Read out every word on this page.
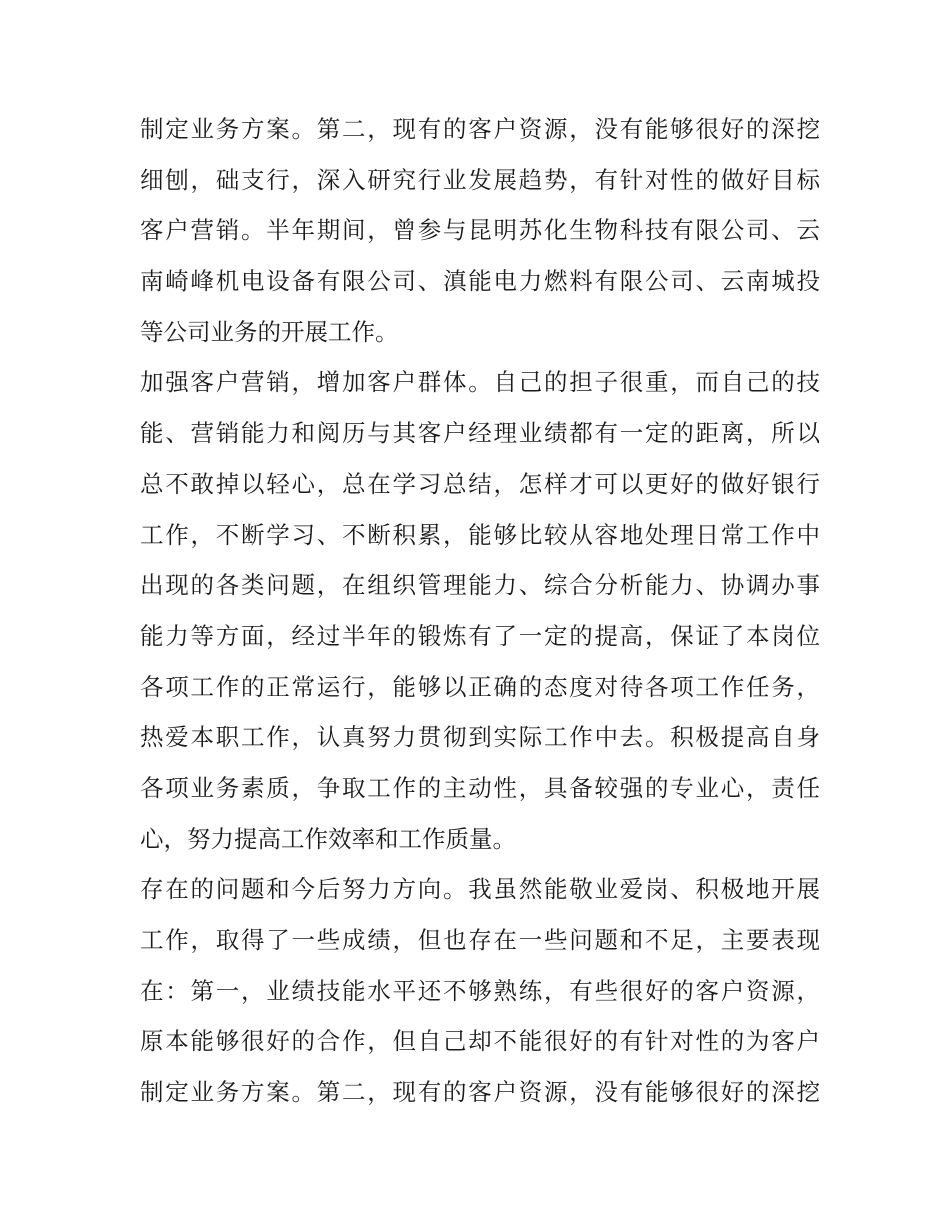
制定业务方案。第二，现有的客户资源，没有能够很好的深挖
细刨，础支行，深入研究行业发展趋势，有针对性的做好目标
客户营销。半年期间，曾参与昆明苏化生物科技有限公司、云
南崎峰机电设备有限公司、滇能电力燃料有限公司、云南城投
等公司业务的开展工作。
加强客户营销，增加客户群体。自己的担子很重，而自己的技
能、营销能力和阅历与其客户经理业绩都有一定的距离，所以
总不敢掉以轻心，总在学习总结，怎样才可以更好的做好银行
工作，不断学习、不断积累，能够比较从容地处理日常工作中
出现的各类问题，在组织管理能力、综合分析能力、协调办事
能力等方面，经过半年的锻炼有了一定的提高，保证了本岗位
各项工作的正常运行，能够以正确的态度对待各项工作任务，
热爱本职工作，认真努力贯彻到实际工作中去。积极提高自身
各项业务素质，争取工作的主动性，具备较强的专业心，责任
心，努力提高工作效率和工作质量。
存在的问题和今后努力方向。我虽然能敬业爱岗、积极地开展
工作，取得了一些成绩，但也存在一些问题和不足，主要表现
在：第一，业绩技能水平还不够熟练，有些很好的客户资源，
原本能够很好的合作，但自己却不能很好的有针对性的为客户
制定业务方案。第二，现有的客户资源，没有能够很好的深挖
